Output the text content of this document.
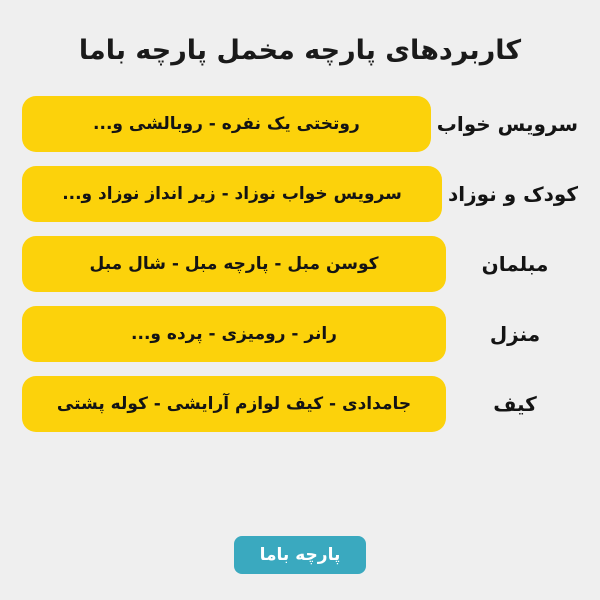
کاربردهای پارچه مخمل پارچه باما
سرویس خواب
روتختی یک نفره - روبالشی و...
کودک و نوزاد
سرویس خواب نوزاد - زیر انداز نوزاد و...
مبلمان
کوسن مبل - پارچه مبل - شال مبل
منزل
رانر - رومیزی - پرده و...
کیف
جامدادی - کیف لوازم آرایشی - کوله پشتی
پارچه باما
